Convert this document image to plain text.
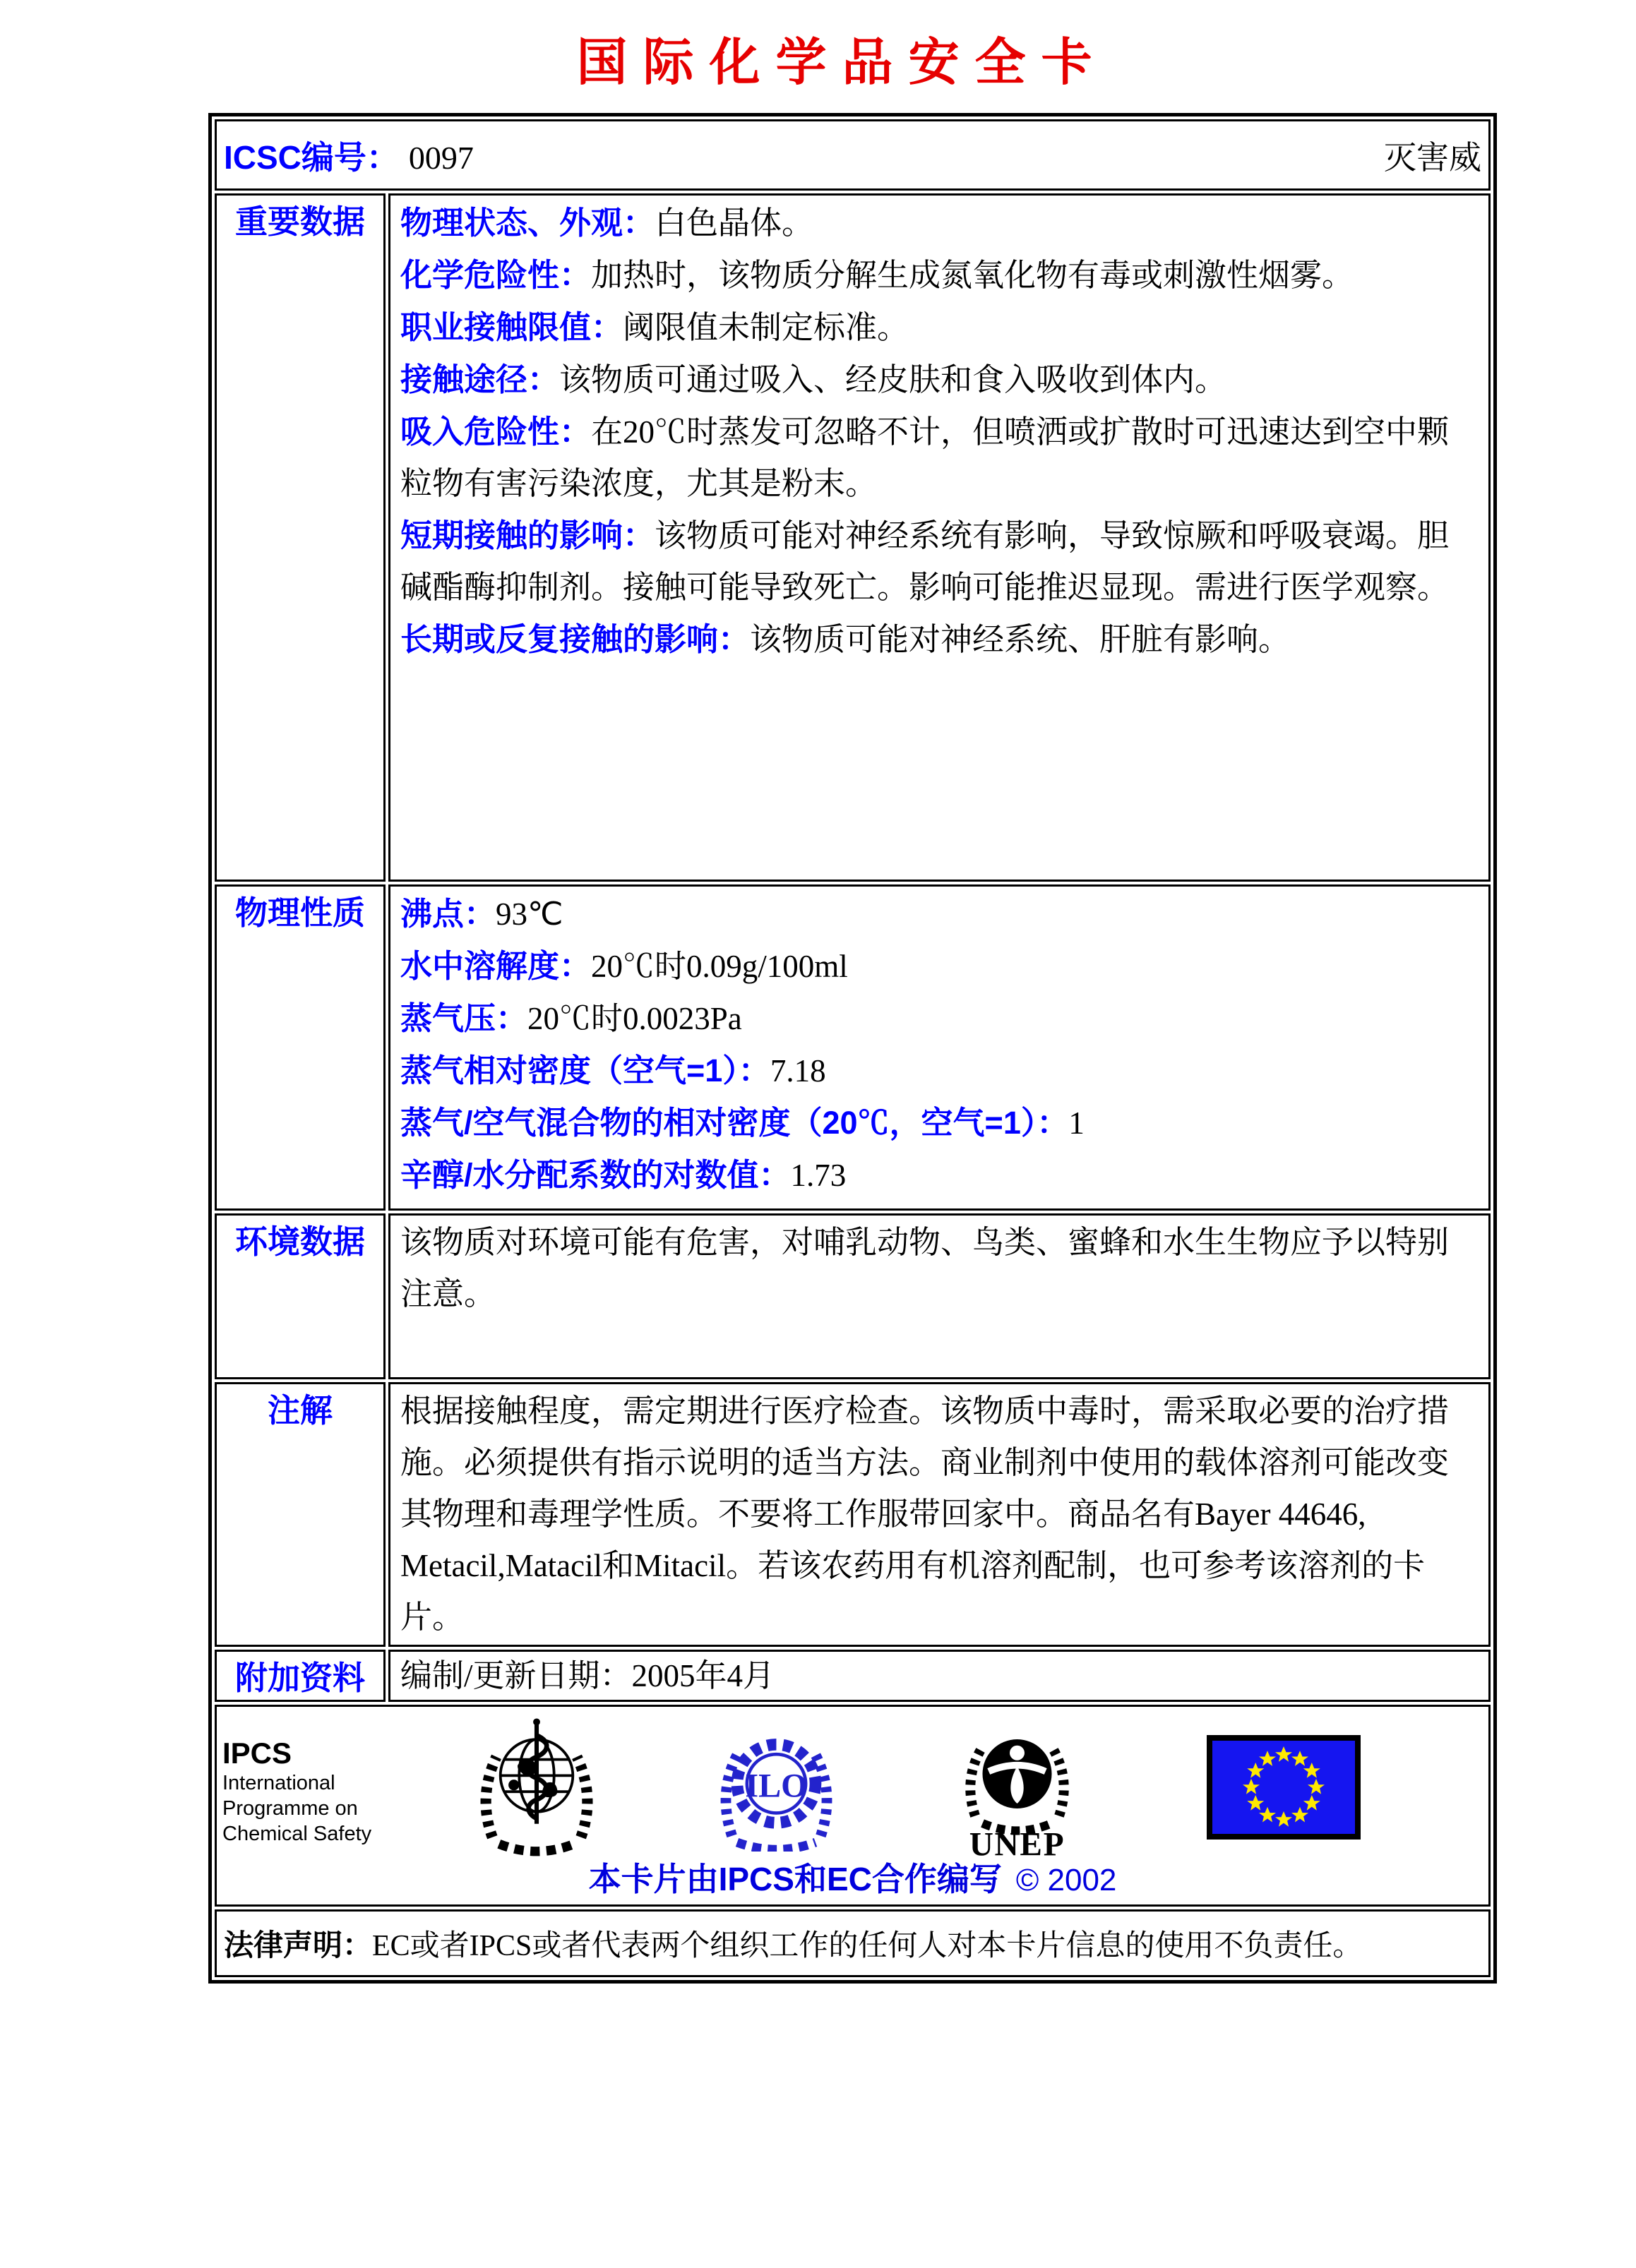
国际化学品安全卡
ICSC编号： 0097 灭害威	

重要数据	物理状态、外观：白色晶体。
化学危险性：加热时，该物质分解生成氮氧化物有毒或刺激性烟雾。
职业接触限值：阈限值未制定标准。
接触途径：该物质可通过吸入、经皮肤和食入吸收到体内。
吸入危险性：在20℃时蒸发可忽略不计，但喷洒或扩散时可迅速达到空中颗粒物有害污染浓度，尤其是粉末。
短期接触的影响：该物质可能对神经系统有影响，导致惊厥和呼吸衰竭。胆碱酯酶抑制剂。接触可能导致死亡。影响可能推迟显现。需进行医学观察。
长期或反复接触的影响：该物质可能对神经系统、肝脏有影响。

物理性质	沸点：93℃
水中溶解度：20℃时0.09g/100ml
蒸气压：20℃时0.0023Pa
蒸气相对密度（空气=1）：7.18
蒸气/空气混合物的相对密度（20℃，空气=1）：1
辛醇/水分配系数的对数值：1.73

环境数据	该物质对环境可能有危害，对哺乳动物、鸟类、蜜蜂和水生生物应予以特别注意。
注解	根据接触程度，需定期进行医疗检查。该物质中毒时，需采取必要的治疗措施。必须提供有指示说明的适当方法。商业制剂中使用的载体溶剂可能改变其物理和毒理学性质。不要将工作服带回家中。商品名有Bayer 44646, Metacil,Matacil和Mitacil。若该农药用有机溶剂配制，也可参考该溶剂的卡片。
附加资料	编制/更新日期：2005年4月

IPCS
International
Programme on
Chemical Safety
ILO
UNEP
本卡片由IPCS和EC合作编写 © 2002

法律声明：EC或者IPCS或者代表两个组织工作的任何人对本卡片信息的使用不负责任。	
